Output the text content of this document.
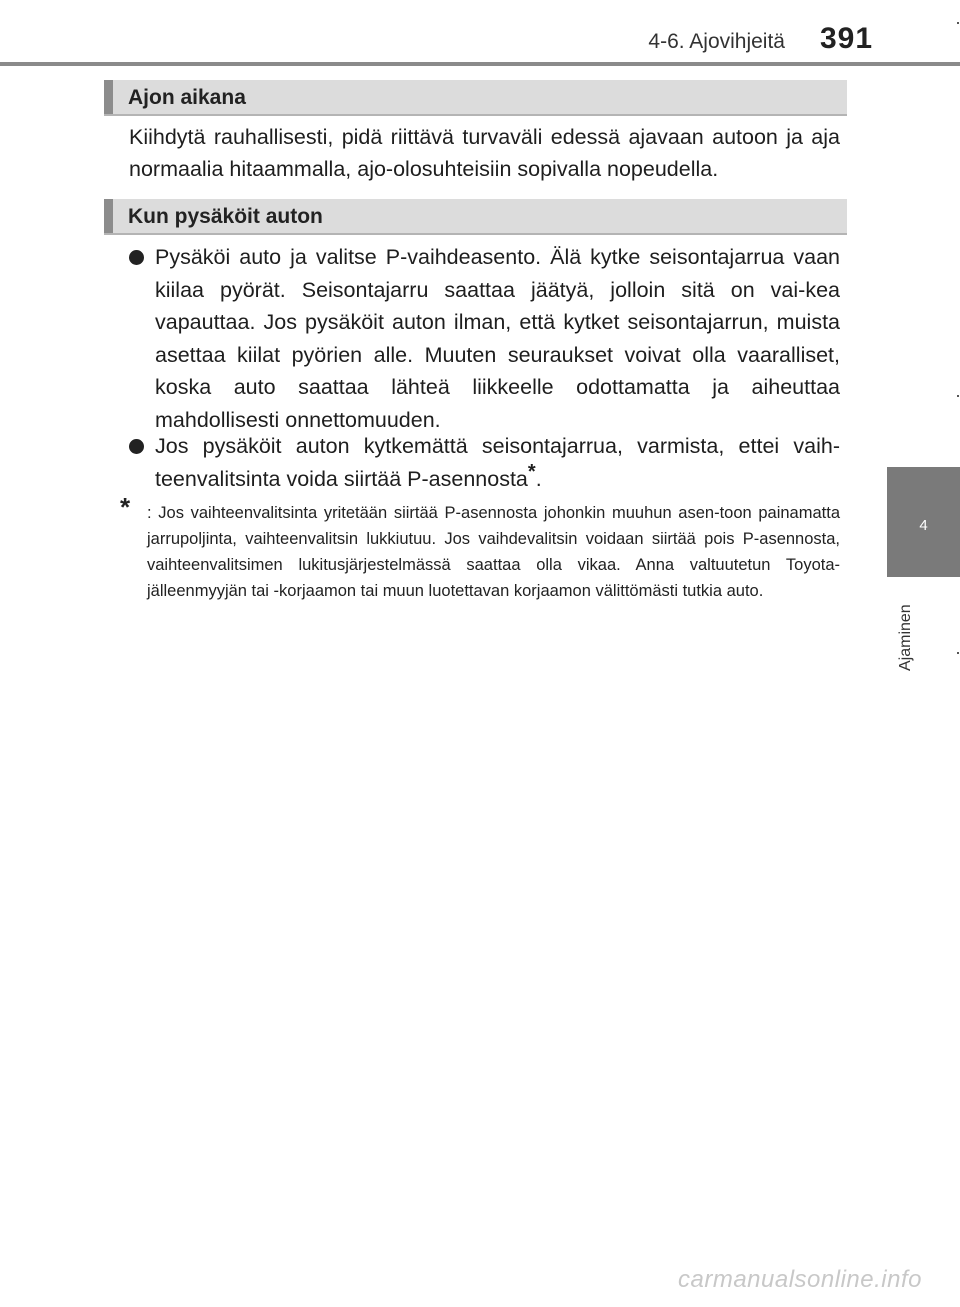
4-6. Ajovihjeitä 391
4
Ajaminen
Ajon aikana
Kiihdytä rauhallisesti, pidä riittävä turvaväli edessä ajavaan autoon ja aja normaalia hitaammalla, ajo-olosuhteisiin sopivalla nopeudella.
Kun pysäköit auton
Pysäköi auto ja valitse P-vaihdeasento. Älä kytke seisontajarrua vaan kiilaa pyörät. Seisontajarru saattaa jäätyä, jolloin sitä on vai-kea vapauttaa. Jos pysäköit auton ilman, että kytket seisontajarrun, muista asettaa kiilat pyörien alle. Muuten seuraukset voivat olla vaaralliset, koska auto saattaa lähteä liikkeelle odottamatta ja aiheuttaa mahdollisesti onnettomuuden.
Jos pysäköit auton kytkemättä seisontajarrua, varmista, ettei vaih-teenvalitsinta voida siirtää P-asennosta*.
* : Jos vaihteenvalitsinta yritetään siirtää P-asennosta johonkin muuhun asen-toon painamatta jarrupoljinta, vaihteenvalitsin lukkiutuu. Jos vaihdevalitsin voidaan siirtää pois P-asennosta, vaihteenvalitsimen lukitusjärjestelmässä saattaa olla vikaa. Anna valtuutetun Toyota-jälleenmyyjän tai -korjaamon tai muun luotettavan korjaamon välittömästi tutkia auto.
carmanualsonline.info
